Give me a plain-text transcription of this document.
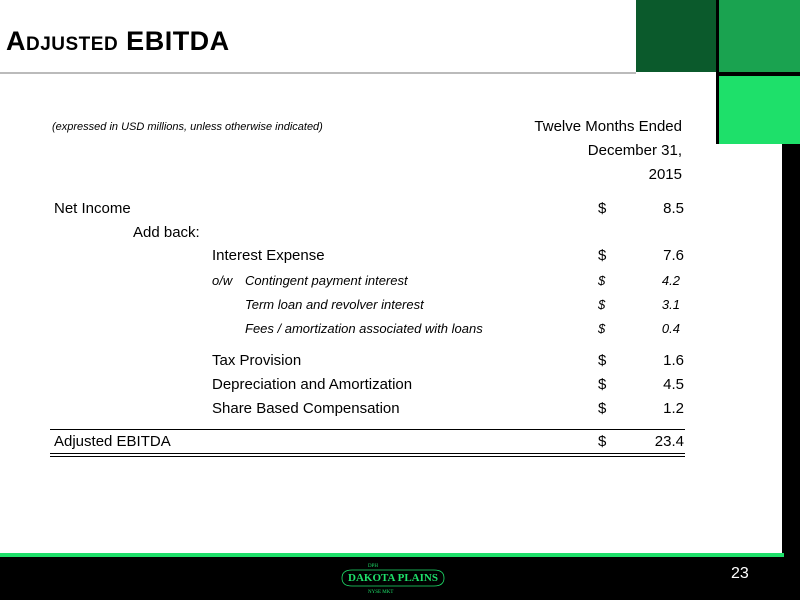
Adjusted EBITDA
(expressed in USD millions, unless otherwise indicated)	Twelve Months Ended
December 31,
2015
Net Income	$	8.5
Add back:
Interest Expense	$	7.6
o/w Contingent payment interest	$	4.2
Term loan and revolver interest	$	3.1
Fees / amortization associated with loans	$	0.4
Tax Provision	$	1.6
Depreciation and Amortization	$	4.5
Share Based Compensation	$	1.2
Adjusted EBITDA	$	23.4
DPH
DAKOTA PLAINS
NYSE MKT
23
